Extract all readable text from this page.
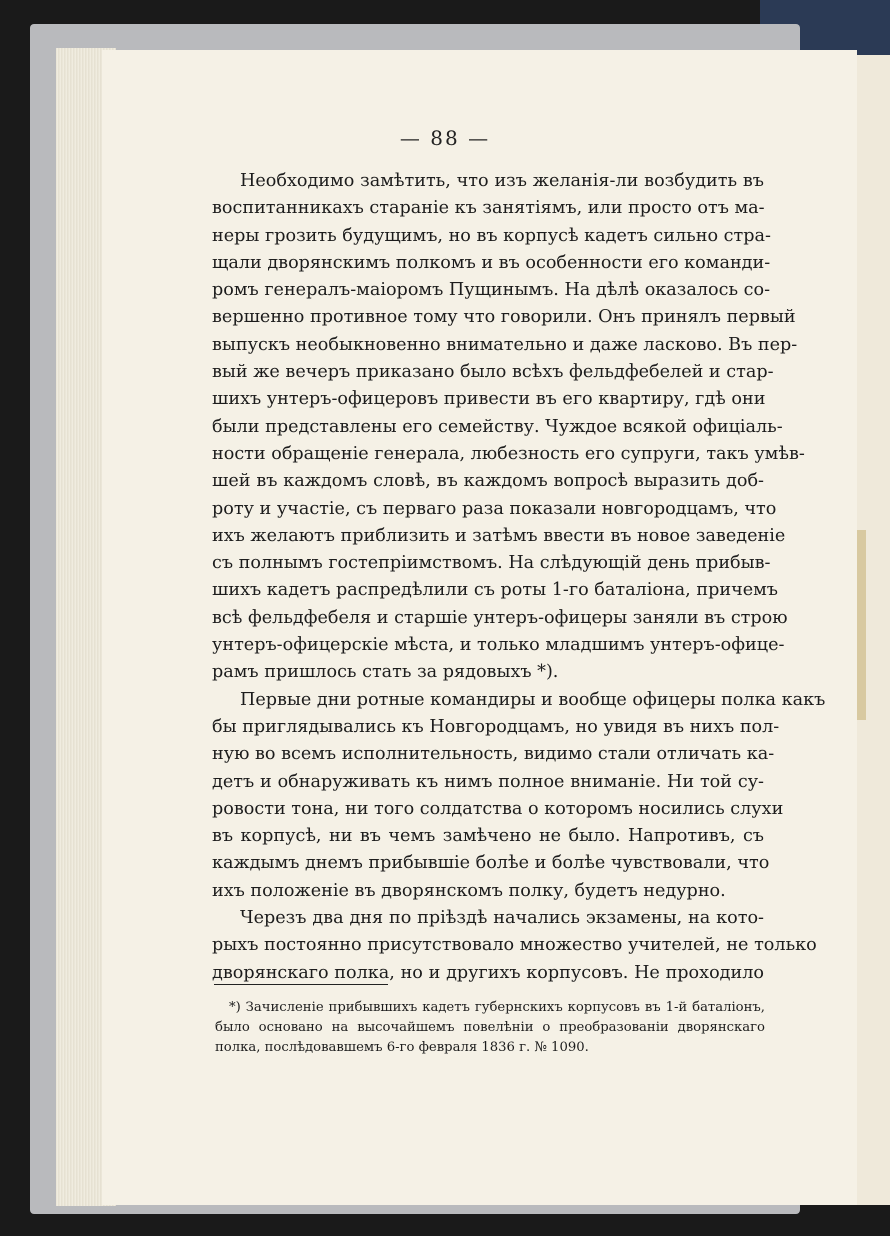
— 88 —
Необходимо замѣтить, что изъ желанія-ли возбудить въ
воспитанникахъ стараніе къ занятіямъ, или просто отъ ма-
неры грозить будущимъ, но въ корпусѣ кадетъ сильно стра-
щали дворянскимъ полкомъ и въ особенности его команди-
ромъ генералъ-маіоромъ Пущинымъ. На дѣлѣ оказалось со-
вершенно противное тому что говорили. Онъ принялъ первый
выпускъ необыкновенно внимательно и даже ласково. Въ пер-
вый же вечеръ приказано было всѣхъ фельдфебелей и стар-
шихъ унтеръ-офицеровъ привести въ его квартиру, гдѣ они
были представлены его семейству. Чуждое всякой офиціаль-
ности обращеніе генерала, любезность его супруги, такъ умѣв-
шей въ каждомъ словѣ, въ каждомъ вопросѣ выразить доб-
роту и участіе, съ перваго раза показали новгородцамъ, что
ихъ желаютъ приблизить и затѣмъ ввести въ новое заведеніе
съ полнымъ гостепріимствомъ. На слѣдующій день прибыв-
шихъ кадетъ распредѣлили съ роты 1-го баталіона, причемъ
всѣ фельдфебеля и старшіе унтеръ-офицеры заняли въ строю
унтеръ-офицерскіе мѣста, и только младшимъ унтеръ-офице-
рамъ пришлось стать за рядовыхъ *).
Первые дни ротные командиры и вообще офицеры полка какъ
бы приглядывались къ Новгородцамъ, но увидя въ нихъ пол-
ную во всемъ исполнительность, видимо стали отличать ка-
детъ и обнаруживать къ нимъ полное вниманіе. Ни той су-
ровости тона, ни того солдатства о которомъ носились слухи
въ корпусѣ, ни въ чемъ замѣчено не было. Напротивъ, съ
каждымъ днемъ прибывшіе болѣе и болѣе чувствовали, что
ихъ положеніе въ дворянскомъ полку, будетъ недурно.
Черезъ два дня по пріѣздѣ начались экзамены, на кото-
рыхъ постоянно присутствовало множество учителей, не только
дворянскаго полка, но и другихъ корпусовъ. Не проходило
*) Зачисленіе прибывшихъ кадетъ губернскихъ корпусовъ въ 1-й баталіонъ,
было основано на высочайшемъ повелѣніи о преобразованіи дворянскаго
полка, послѣдовавшемъ 6-го февраля 1836 г. № 1090.
